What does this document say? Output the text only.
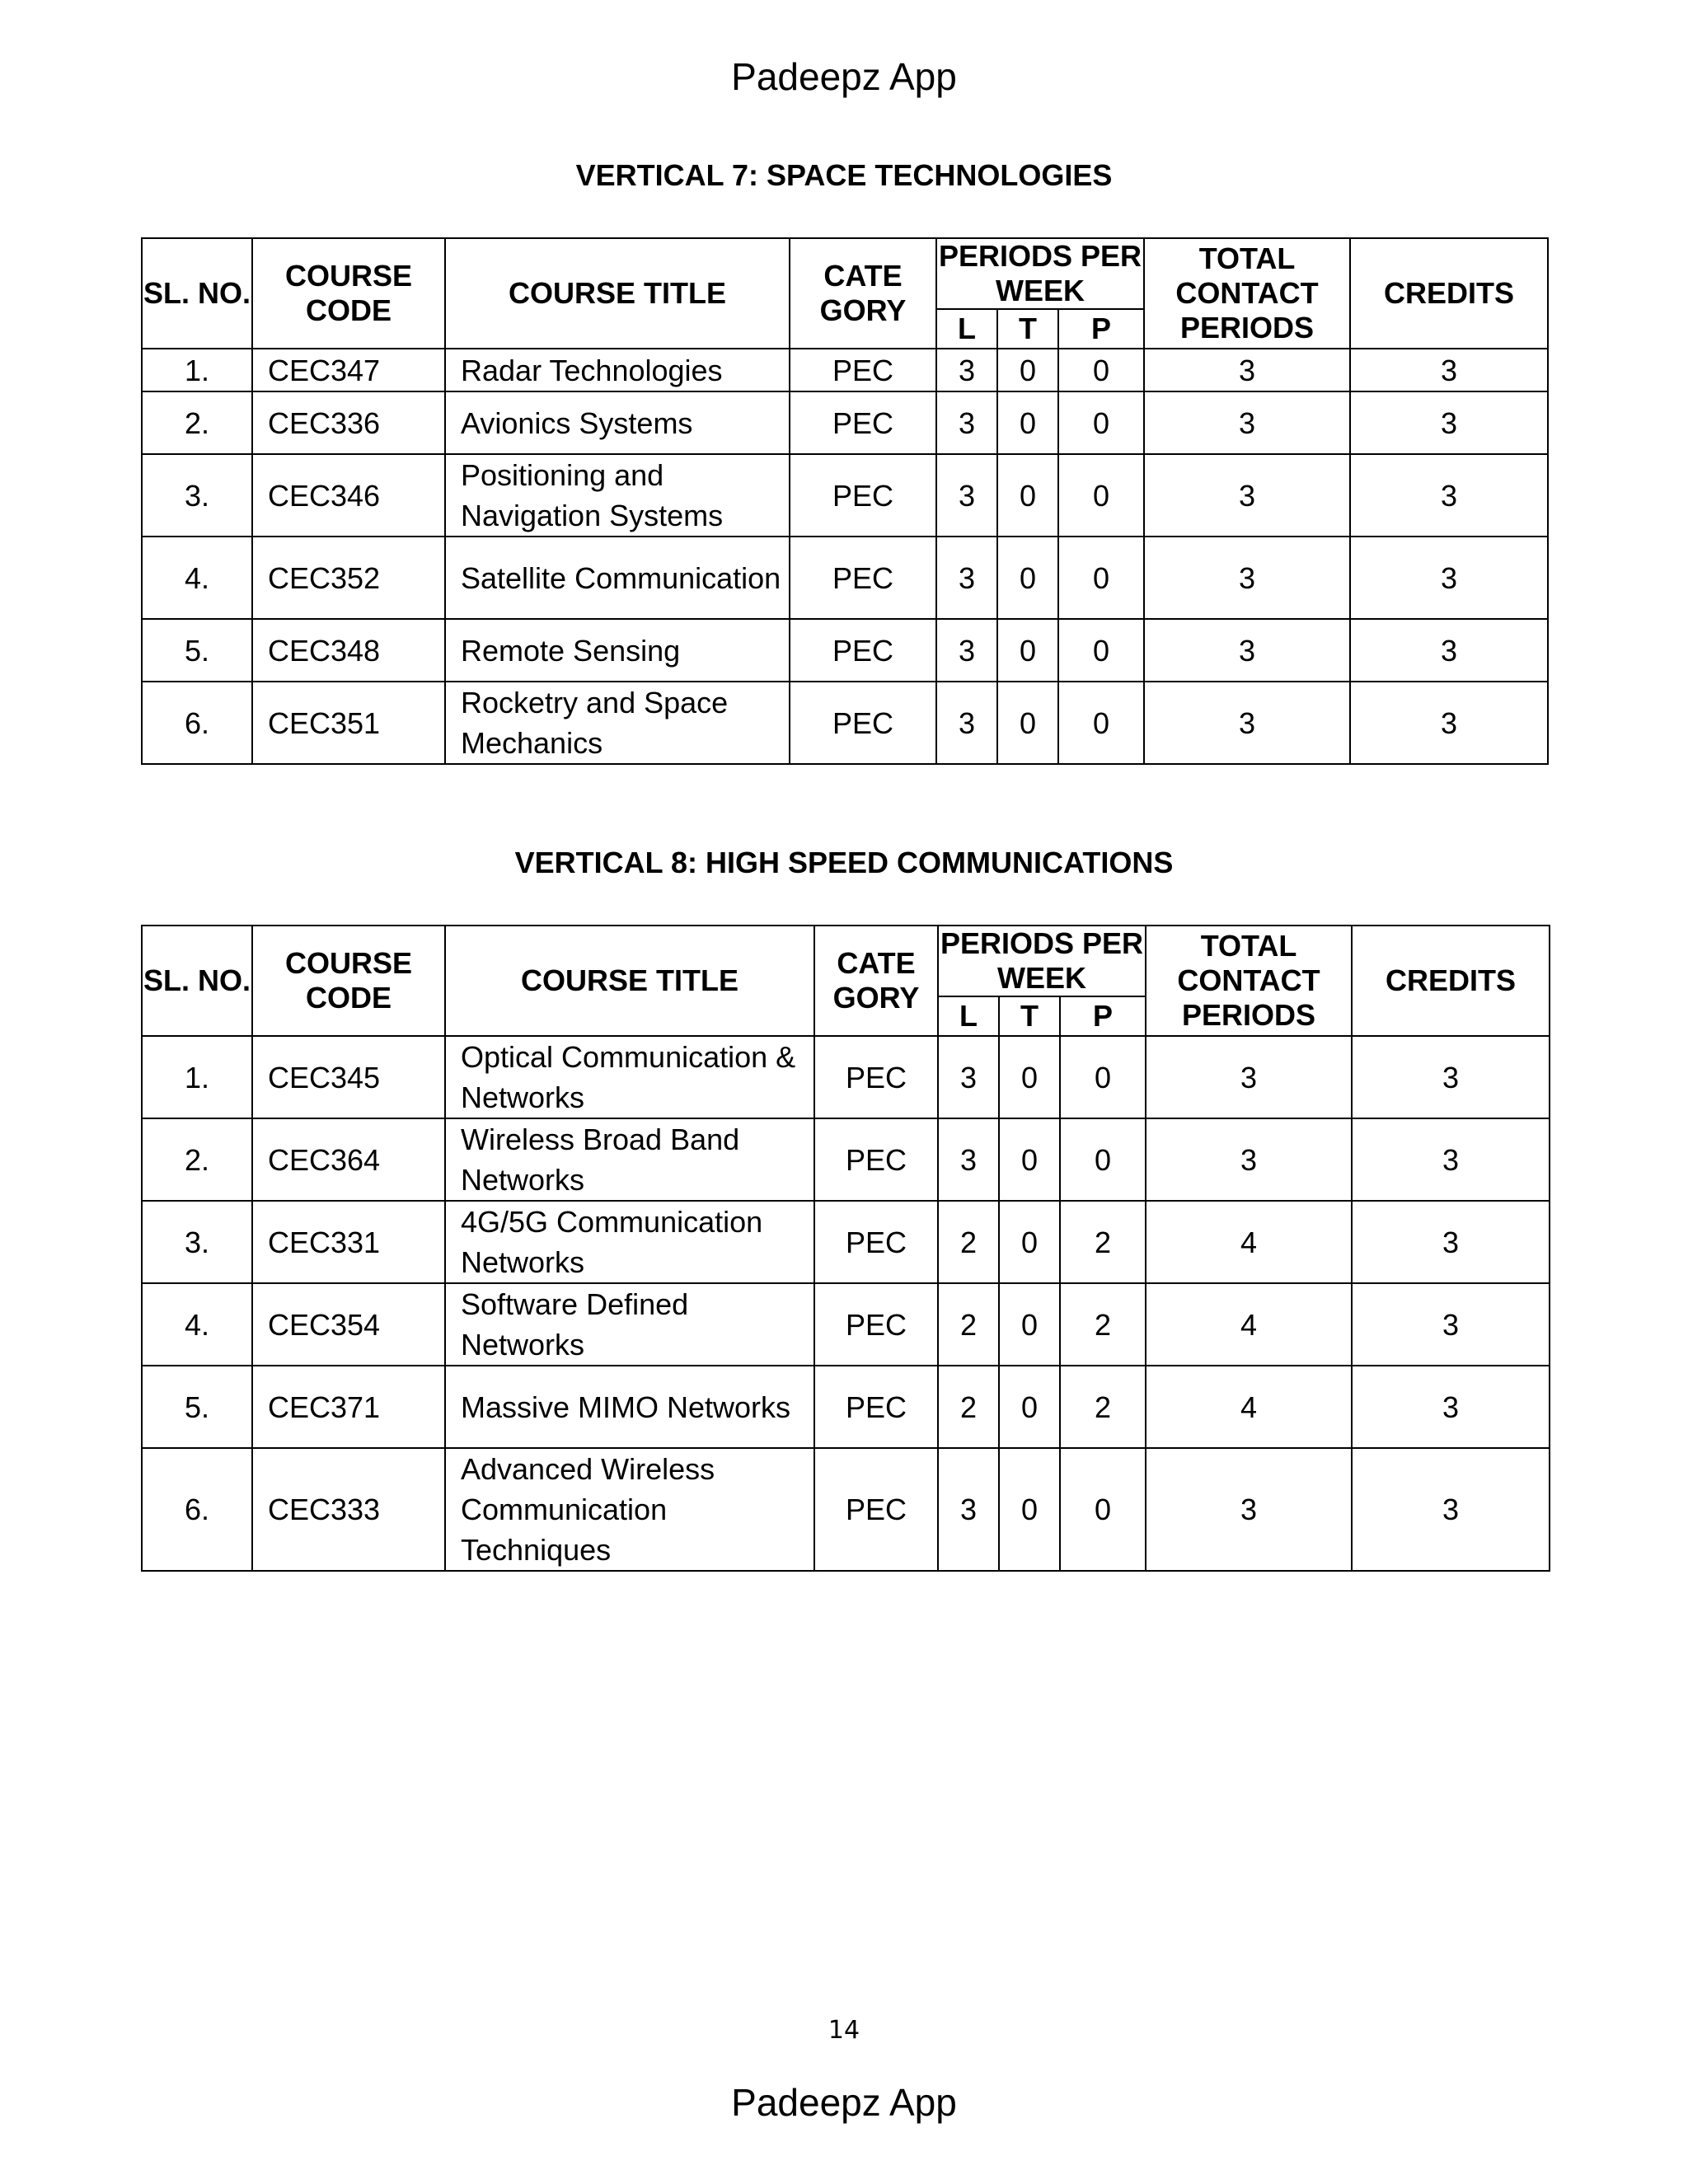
Padeepz App
VERTICAL 7: SPACE TECHNOLOGIES
SL. NO.	COURSE CODE	COURSE TITLE	CATE GORY	PERIODS PER WEEK			TOTAL CONTACT PERIODS	CREDITS
				L	T	P		
1.	CEC347	Radar Technologies	PEC	3	0	0	3	3
2.	CEC336	Avionics Systems	PEC	3	0	0	3	3
3.	CEC346	Positioning and Navigation Systems	PEC	3	0	0	3	3
4.	CEC352	Satellite Communication	PEC	3	0	0	3	3
5.	CEC348	Remote Sensing	PEC	3	0	0	3	3
6.	CEC351	Rocketry and Space Mechanics	PEC	3	0	0	3	3
VERTICAL 8: HIGH SPEED COMMUNICATIONS
SL. NO.	COURSE CODE	COURSE TITLE	CATE GORY	PERIODS PER WEEK			TOTAL CONTACT PERIODS	CREDITS
				L	T	P		
1.	CEC345	Optical Communication & Networks	PEC	3	0	0	3	3
2.	CEC364	Wireless Broad Band Networks	PEC	3	0	0	3	3
3.	CEC331	4G/5G Communication Networks	PEC	2	0	2	4	3
4.	CEC354	Software Defined Networks	PEC	2	0	2	4	3
5.	CEC371	Massive MIMO Networks	PEC	2	0	2	4	3
6.	CEC333	Advanced Wireless Communication Techniques	PEC	3	0	0	3	3
14
Padeepz App
